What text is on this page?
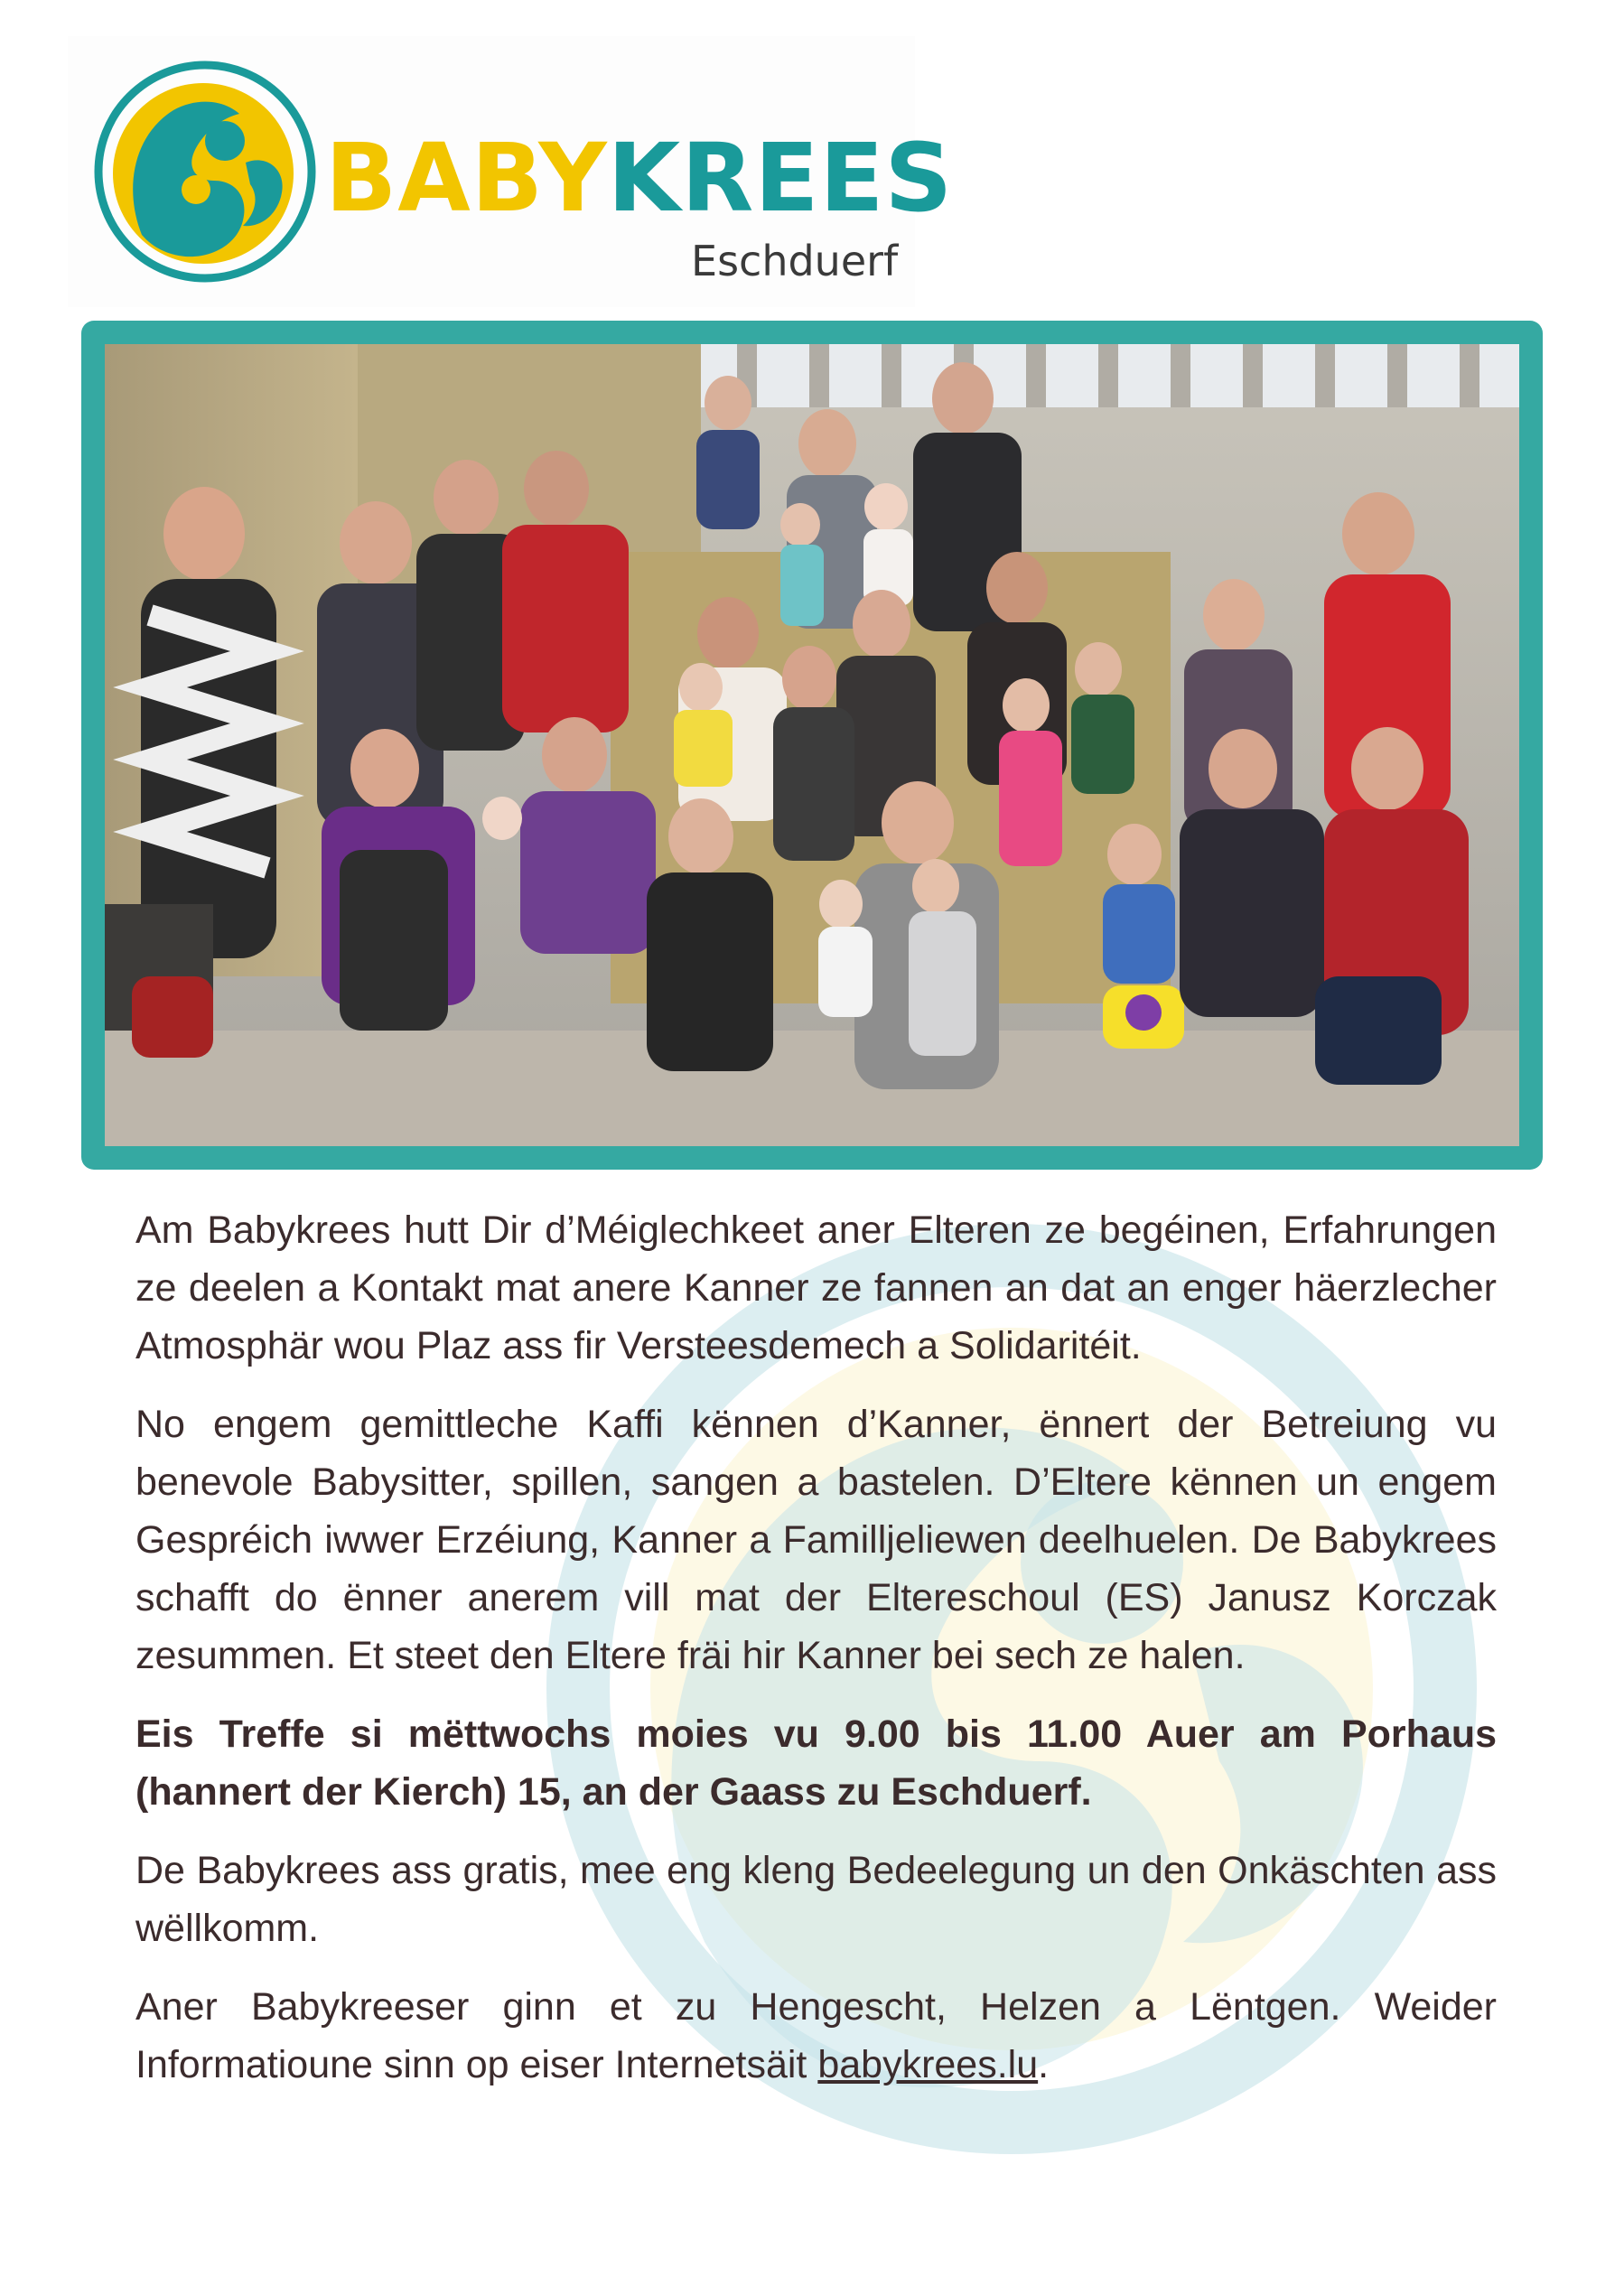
BABYKREES
Eschduerf

Am Babykrees hutt Dir d’Méiglechkeet aner Elteren ze begéinen, Erfahrungen ze deelen a Kontakt mat anere Kanner ze fannen an dat an enger häerzlecher Atmosphär wou Plaz ass fir Versteesdemech a Solidaritéit.

No engem gemittleche Kaffi kënnen d’Kanner, ënnert der Betreiung vu benevole Babysitter, spillen, sangen a bastelen. D’Eltere kënnen un engem Gespréich iwwer Erzéiung, Kanner a Familljeliewen deelhuelen. De Babykrees schafft do ënner anerem vill mat der Eltereschoul (ES) Janusz Korczak zesummen. Et steet den Eltere fräi hir Kanner bei sech ze halen.

Eis Treffe si mëttwochs moies vu 9.00 bis 11.00 Auer am Porhaus (hannert der Kierch) 15, an der Gaass zu Eschduerf.

De Babykrees ass gratis, mee eng kleng Bedeelegung un den Onkäschten ass wëllkomm.

Aner Babykreeser ginn et zu Hengescht, Helzen a Lëntgen. Weider Informatioune sinn op eiser Internetsäit babykrees.lu.
